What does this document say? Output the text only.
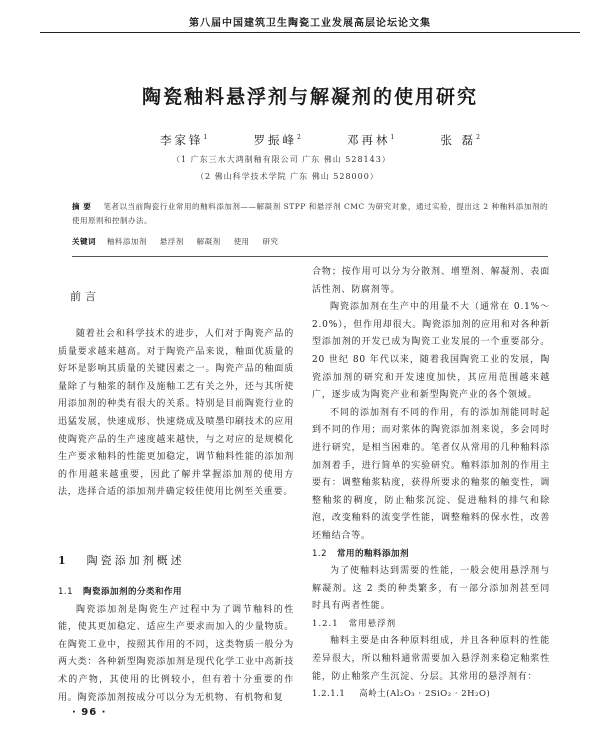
第八届中国建筑卫生陶瓷工业发展高层论坛论文集
陶瓷釉料悬浮剂与解凝剂的使用研究
李家锋$^1$	罗振峰$^2$	邓再林$^1$	张 磊$^2$
（1 广东三水大鸿制釉有限公司 广东 佛山 528143）
（2 佛山科学技术学院 广东 佛山 528000）
摘 要 笔者以当前陶瓷行业常用的釉料添加剂——解凝剂 STPP 和悬浮剂 CMC 为研究对象，通过实验，提出这 2 种釉料添加剂的使用原则和控制办法。
关键词 釉料添加剂 悬浮剂 解凝剂 使用 研究
前言

随着社会和科学技术的进步，人们对于陶瓷产品的质量要求越来越高。对于陶瓷产品来说，釉面优质量的好坏是影响其质量的关键因素之一。陶瓷产品的釉面质量除了与釉浆的制作及施釉工艺有关之外，还与其所使用添加剂的种类有很大的关系。特别是目前陶瓷行业的迅猛发展，快速成形、快速烧成及喷墨印刷技术的应用使陶瓷产品的生产速度越来越快，与之对应的是规模化生产要求釉料的性能更加稳定，调节釉料性能的添加剂的作用越来越重要，因此了解并掌握添加剂的使用方法，选择合适的添加剂并确定较佳使用比例至关重要。

1 陶瓷添加剂概述
1.1 陶瓷添加剂的分类和作用

陶瓷添加剂是陶瓷生产过程中为了调节釉料的性能，使其更加稳定、适应生产要求而加入的少量物质。在陶瓷工业中，按照其作用的不同，这类物质一般分为两大类：各种新型陶瓷添加剂是现代化学工业中高新技术的产物，其使用的比例较小，但有着十分重要的作用。陶瓷添加剂按成分可以分为无机物、有机物和复

合物；按作用可以分为分散剂、增塑剂、解凝剂、表面活性剂、防腐剂等。

陶瓷添加剂在生产中的用量不大（通常在 0.1%～2.0%），但作用却很大。陶瓷添加剂的应用和对各种新型添加剂的开发已成为陶瓷工业发展的一个重要部分。20 世纪 80 年代以来，随着我国陶瓷工业的发展，陶瓷添加剂的研究和开发速度加快，其应用范围越来越广，逐步成为陶瓷产业和新型陶瓷产业的各个领域。

不同的添加剂有不同的作用，有的添加剂能同时起到不同的作用；而对浆体的陶瓷添加剂来说，多会同时进行研究，是相当困难的。笔者仅从常用的几种釉料添加剂着手，进行简单的实验研究。釉料添加剂的作用主要有：调整釉浆粘度，获得所要求的釉浆的触变性，调整釉浆的稠度，防止釉浆沉淀、促进釉料的排气和除泡，改变釉料的流变学性能，调整釉料的保水性，改善坯釉结合等。

1.2 常用的釉料添加剂

为了使釉料达到需要的性能，一般会使用悬浮剂与解凝剂。这 2 类的种类繁多，有一部分添加剂甚至同时具有两者性能。

1.2.1 常用悬浮剂

釉料主要是由各种原料组成，并且各种原料的性能差异很大，所以釉料通常需要加入悬浮剂来稳定釉浆性能，防止釉浆产生沉淀、分层。其常用的悬浮剂有：

1.2.1.1 高岭土(Al₂O₃ · 2SiO₂ · 2H₂O)
· 96 ·
